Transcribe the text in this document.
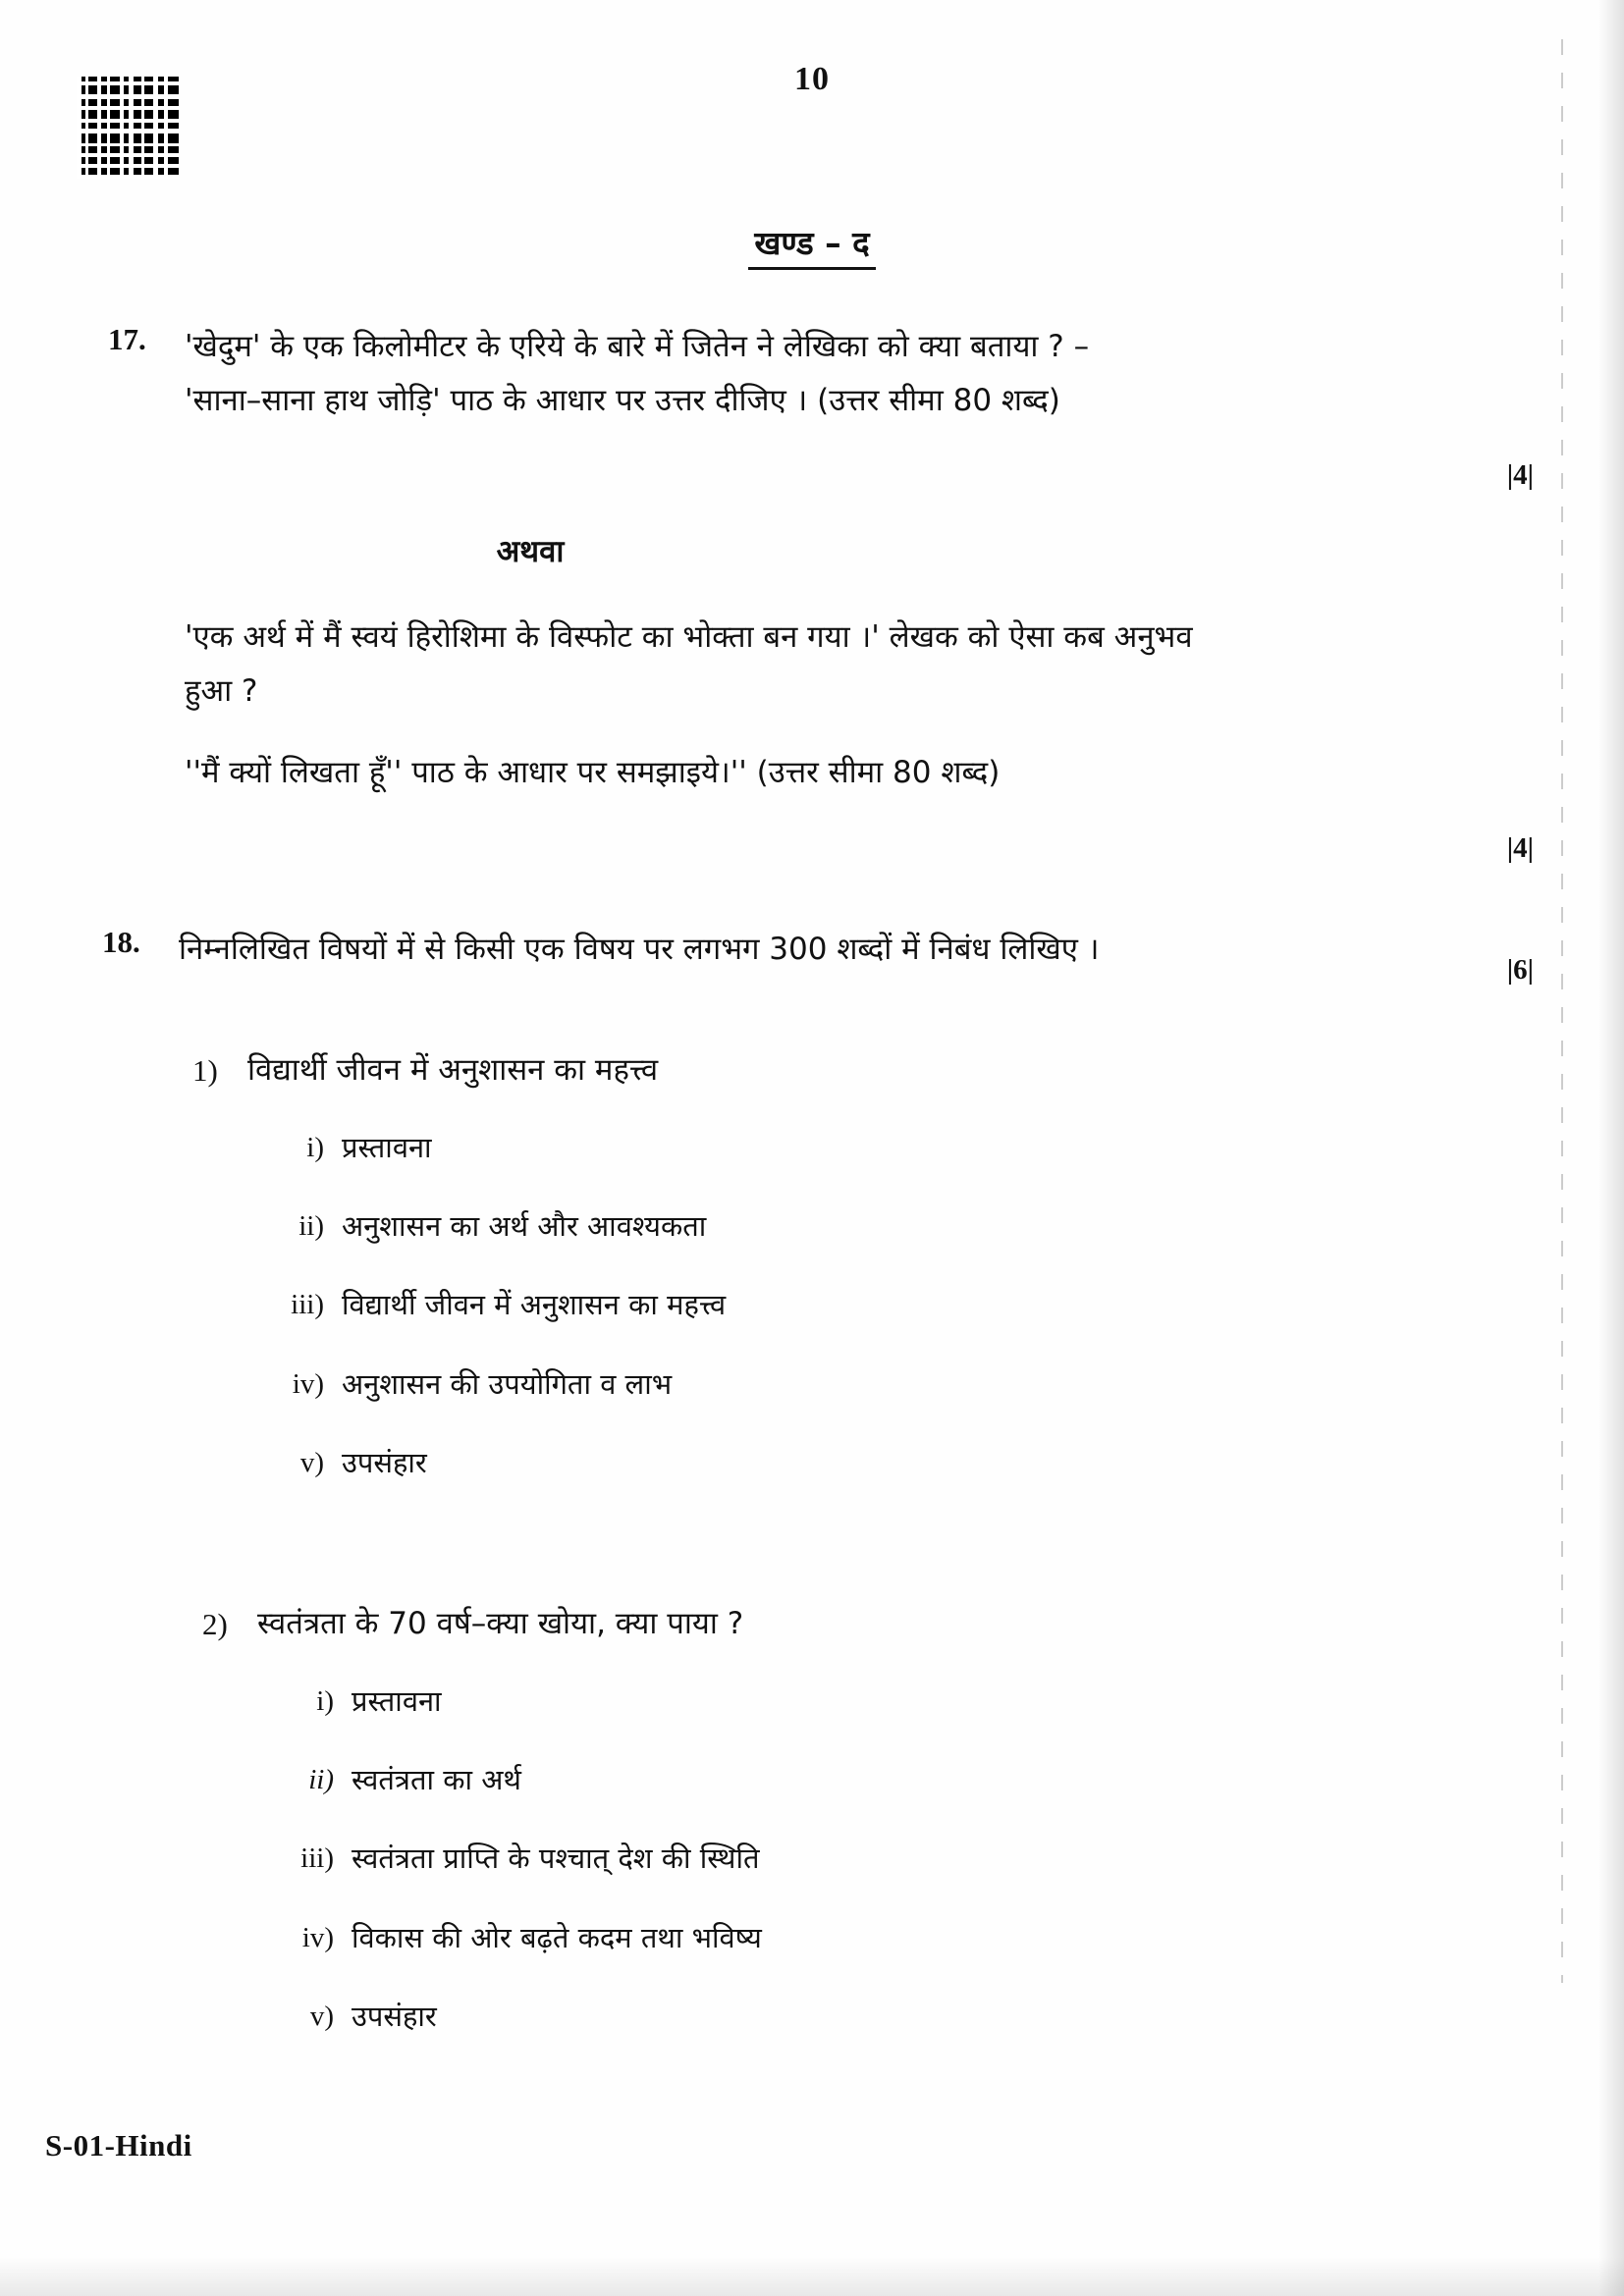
10
खण्ड – द
17.	'खेदुम' के एक किलोमीटर के एरिये के बारे में जितेन ने लेखिका को क्या बताया ? –
'साना–साना हाथ जोड़ि' पाठ के आधार पर उत्तर दीजिए । (उत्तर सीमा 80 शब्द)
|4|
अथवा
'एक अर्थ में मैं स्वयं हिरोशिमा के विस्फोट का भोक्ता बन गया ।' लेखक को ऐसा कब अनुभव
हुआ ?
''मैं क्यों लिखता हूँ'' पाठ के आधार पर समझाइये।'' (उत्तर सीमा 80 शब्द)
|4|
18.	निम्नलिखित विषयों में से किसी एक विषय पर लगभग 300 शब्दों में निबंध लिखिए ।
|6|
1) विद्यार्थी जीवन में अनुशासन का महत्त्व
i) प्रस्तावना
ii) अनुशासन का अर्थ और आवश्यकता
iii) विद्यार्थी जीवन में अनुशासन का महत्त्व
iv) अनुशासन की उपयोगिता व लाभ
v) उपसंहार
2) स्वतंत्रता के 70 वर्ष–क्या खोया, क्या पाया ?
i) प्रस्तावना
ii) स्वतंत्रता का अर्थ
iii) स्वतंत्रता प्राप्ति के पश्चात् देश की स्थिति
iv) विकास की ओर बढ़ते कदम तथा भविष्य
v) उपसंहार
S-01-Hindi
